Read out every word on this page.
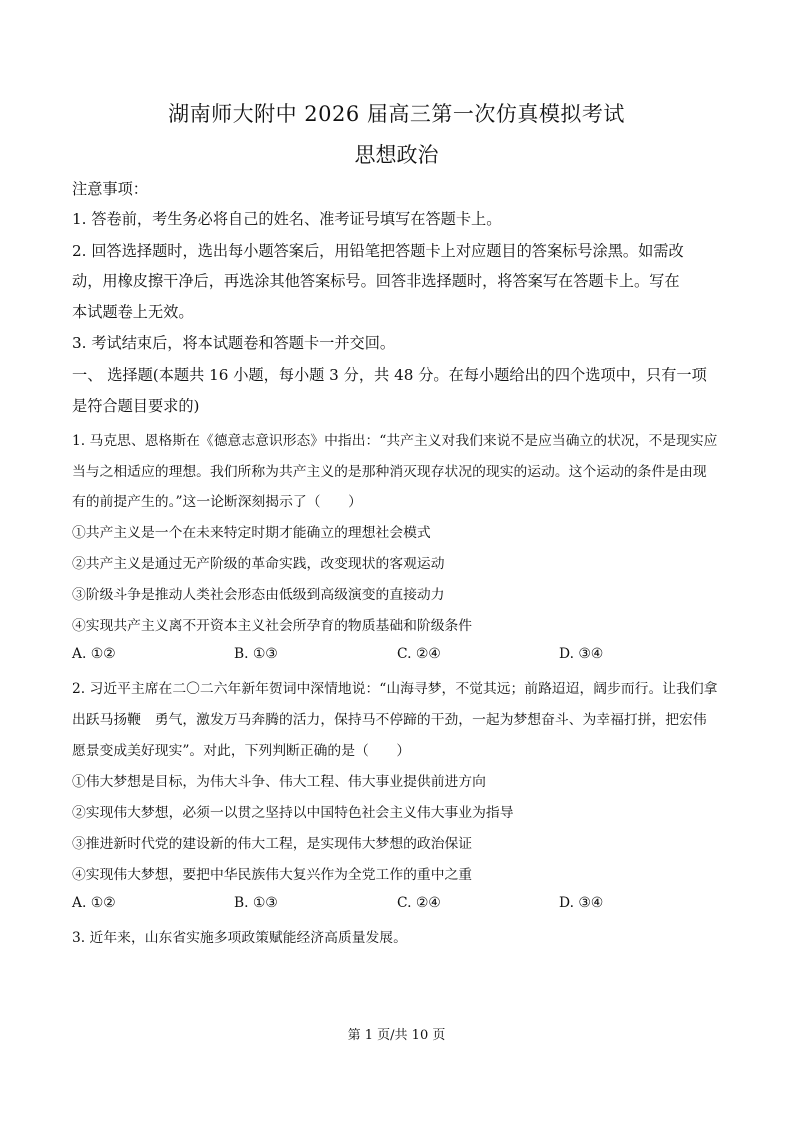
湖南师大附中 2026 届高三第一次仿真模拟考试
思想政治
注意事项：
1. 答卷前，考生务必将自己的姓名、准考证号填写在答题卡上。
2. 回答选择题时，选出每小题答案后，用铅笔把答题卡上对应题目的答案标号涂黑。如需改
动，用橡皮擦干净后，再选涂其他答案标号。回答非选择题时，将答案写在答题卡上。写在
本试题卷上无效。
3. 考试结束后，将本试题卷和答题卡一并交回。
一、 选择题(本题共 16 小题，每小题 3 分，共 48 分。在每小题给出的四个选项中，只有一项
是符合题目要求的)
1. 马克思、恩格斯在《德意志意识形态》中指出：“共产主义对我们来说不是应当确立的状况，不是现实应
当与之相适应的理想。我们所称为共产主义的是那种消灭现存状况的现实的运动。这个运动的条件是由现
有的前提产生的。”这一论断深刻揭示了（　　）
①共产主义是一个在未来特定时期才能确立的理想社会模式
②共产主义是通过无产阶级的革命实践，改变现状的客观运动
③阶级斗争是推动人类社会形态由低级到高级演变的直接动力
④实现共产主义离不开资本主义社会所孕育的物质基础和阶级条件
A. ①②	B. ①③	C. ②④	D. ③④
2. 习近平主席在二〇二六年新年贺词中深情地说：“山海寻梦，不觉其远；前路迢迢，阔步而行。让我们拿
出跃马扬鞭　勇气，激发万马奔腾的活力，保持马不停蹄的干劲，一起为梦想奋斗、为幸福打拼，把宏伟
愿景变成美好现实”。对此，下列判断正确的是（　　）
①伟大梦想是目标，为伟大斗争、伟大工程、伟大事业提供前进方向
②实现伟大梦想，必须一以贯之坚持以中国特色社会主义伟大事业为指导
③推进新时代党的建设新的伟大工程，是实现伟大梦想的政治保证
④实现伟大梦想，要把中华民族伟大复兴作为全党工作的重中之重
A. ①②	B. ①③	C. ②④	D. ③④
3. 近年来，山东省实施多项政策赋能经济高质量发展。
第 1 页/共 10 页
